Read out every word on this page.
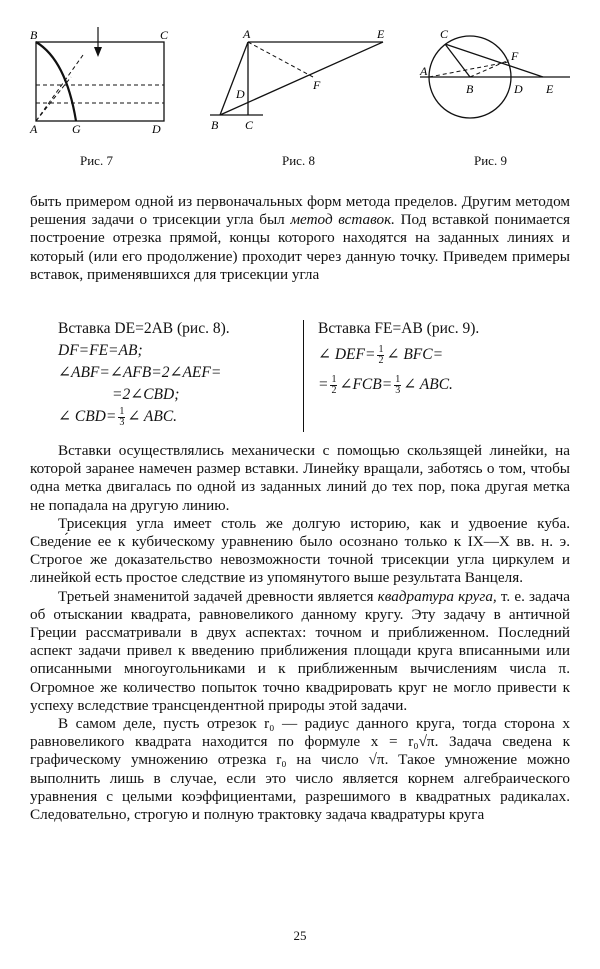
B	C
A	G	D
Рис. 7
A	E
F
D
B C
Рис. 8
C
F
A
B	D E
Рис. 9

быть примером одной из первоначальных форм метода пределов. Другим методом решения задачи о трисекции угла был метод вставок. Под вставкой понимается построение отрезка прямой, концы которого находятся на заданных линиях и который (или его продолжение) проходит через данную точку. Приведем примеры вставок, применявшихся для трисекции угла

Вставка DE=2AB (рис. 8).
DF=FE=AB;
∠ABF=∠AFB=2∠AEF=
=2∠CBD;
∠ $CBD= \frac{1}{3}$ ∠ ABC.
Вставка FE=AB (рис. 9).
∠ $DEF= \frac{1}{2}$ ∠ BFC=
= $\frac{1}{2}$ ∠FCB= $\frac{1}{3}$ ∠ ABC.

Вставки осуществлялись механически с помощью скользящей линейки, на которой заранее намечен размер вставки. Линейку вращали, заботясь о том, чтобы одна метка двигалась по одной из заданных линий до тех пор, пока другая метка не попадала на другую линию.

Трисекция угла имеет столь же долгую историю, как и удвоение куба. Сведе́ние ее к кубическому уравнению было осознано только к IX—X вв. н. э. Строгое же доказательство невозможности точной трисекции угла циркулем и линейкой есть простое следствие из упомянутого выше результата Ванцеля.

Третьей знаменитой задачей древности является квадратура круга, т. е. задача об отыскании квадрата, равновеликого данному кругу. Эту задачу в античной Греции рассматривали в двух аспектах: точном и приближенном. Последний аспект задачи привел к введению приближения площади круга вписанными или описанными многоугольниками и к приближенным вычислениям числа π. Огромное же количество попыток точно квадрировать круг не могло привести к успеху вследствие трансцендентной природы этой задачи.

В самом деле, пусть отрезок r₀ — радиус данного круга, тогда сторона x равновеликого квадрата находится по формуле x = r₀√π. Задача сведена к графическому умножению отрезка r₀ на число √π. Такое умножение можно выполнить лишь в случае, если это число является корнем алгебраического уравнения с целыми коэффициентами, разрешимого в квадратных радикалах. Следовательно, строгую и полную трактовку задача квадратуры круга

25
